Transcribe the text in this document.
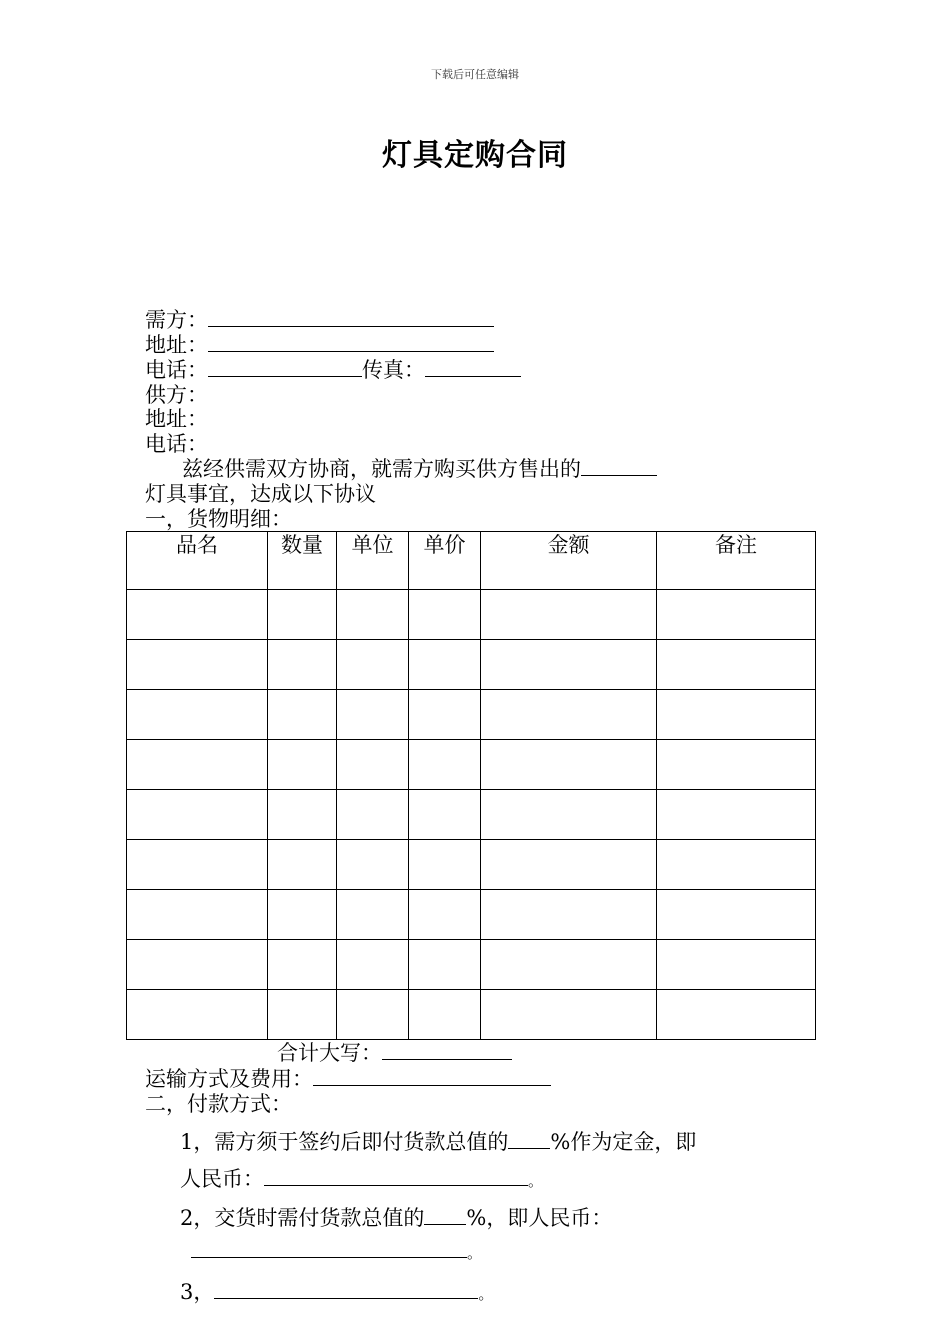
下载后可任意编辑
灯具定购合同
需方：
地址：
电话：	传真：
供方：
地址：
电话：
兹经供需双方协商，就需方购买供方售出的
灯具事宜，达成以下协议
一，货物明细：
品名	数量	单位	单价	金额	备注

合计大写：
运输方式及费用：
二，付款方式：
1，需方须于签约后即付货款总值的 %作为定金，即
人民币：	。
2，交货时需付货款总值的 %，即人民币：
。
3，	。
